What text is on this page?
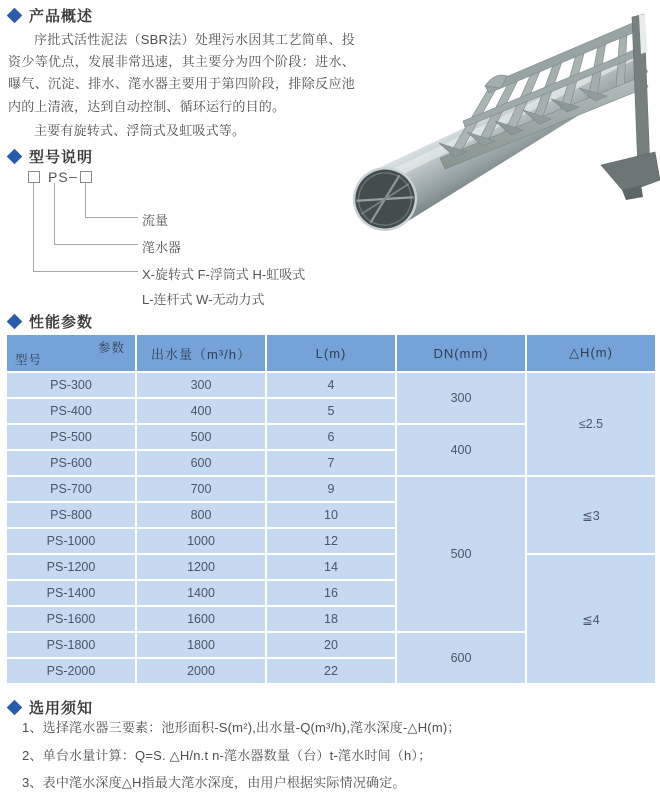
产品概述

序批式活性泥法（SBR法）处理污水因其工艺简单、投资少等优点，发展非常迅速，其主要分为四个阶段：进水、曝气、沉淀、排水、滗水器主要用于第四阶段，排除反应池内的上清液，达到自动控制、循环运行的目的。

主要有旋转式、浮筒式及虹吸式等。

型号说明
PS –
流量
滗水器
X-旋转式 F-浮筒式 H-虹吸式
L-连杆式 W-无动力式
性能参数
参数
型号	出水量（m³/h）	L(m)	DN(mm)	△H(m)
PS-300	300	4	300	≤2.5
PS-400	400	5		
PS-500	500	6	400	
PS-600	600	7		
PS-700	700	9	500	≦3
PS-800	800	10		
PS-1000	1000	12		
PS-1200	1200	14		≦4
PS-1400	1400	16		
PS-1600	1600	18		
PS-1800	1800	20	600	
PS-2000	2000	22		
选用须知
1、选择滗水器三要素：池形面积-S(m²),出水量-Q(m³/h),滗水深度-△H(m)；
2、单台水量计算：Q=S. △H/n.t n-滗水器数量（台）t-滗水时间（h）；
3、表中滗水深度△H指最大滗水深度，由用户根据实际情况确定。
